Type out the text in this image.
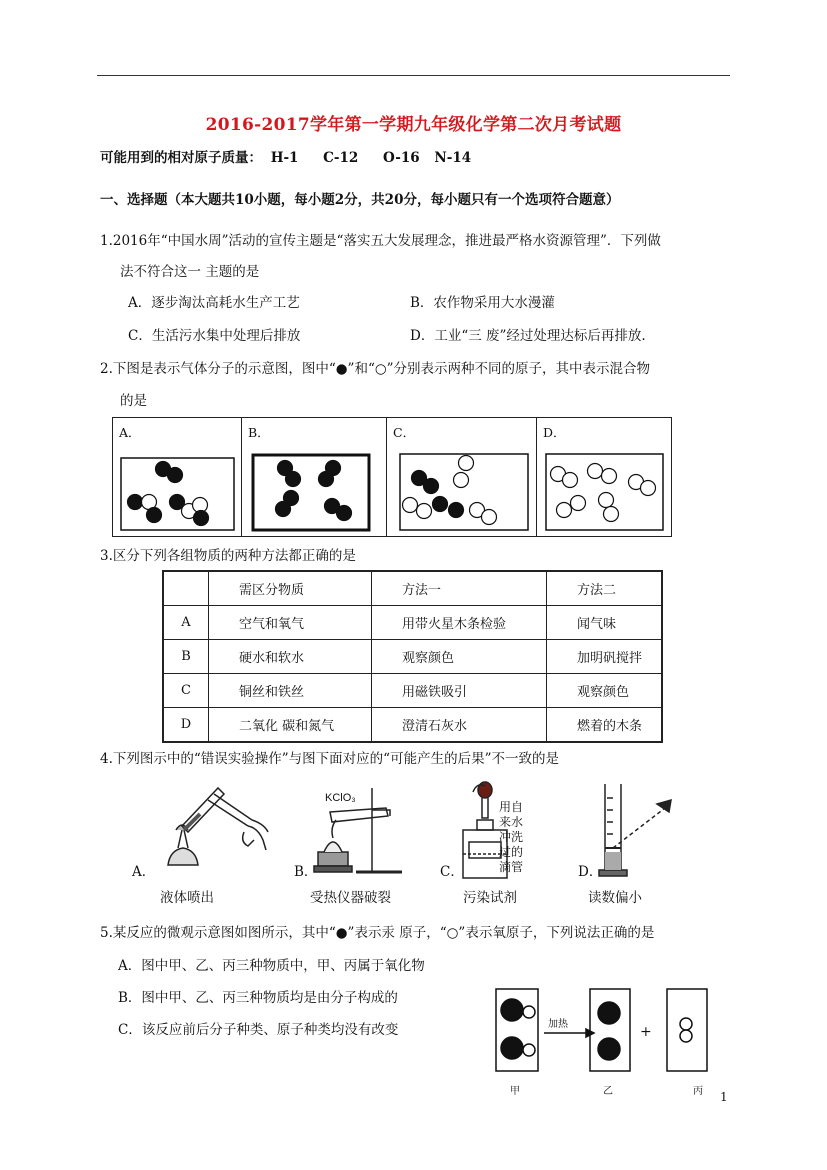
2016-2017学年第一学期九年级化学第二次月考试题
可能用到的相对原子质量： H-1 C-12 O-16 N-14
一、选择题（本大题共10小题，每小题2分，共20分，每小题只有一个选项符合题意）
1.2016年“中国水周”活动的宣传主题是“落实五大发展理念，推进最严格水资源管理”．下列做
法不符合这一 主题的是
A．逐步淘汰高耗水生产工艺	B．农作物采用大水漫灌
C．生活污水集中处理后排放	D．工业“三 废”经过处理达标后再排放.
2.下图是表示气体分子的示意图，图中“●”和“○”分别表示两种不同的原子，其中表示混合物
的是
A．	B．	C．	D．
3.区分下列各组物质的两种方法都正确的是
	需区分物质	方法一	方法二
A	空气和氧气	用带火星木条检验	闻气味
B	硬水和软水	观察颜色	加明矾搅拌
C	铜丝和铁丝	用磁铁吸引	观察颜色
D	二氧化 碳和氮气	澄清石灰水	燃着的木条
4.下列图示中的“错误实验操作”与图下面对应的“可能产生的后果”不一致的是
A．
液体喷出
KClO₃
B．
受热仪器破裂
用自
来水
冲洗
过的
滴管
C．
污染试剂
D．
读数偏小
5.某反应的微观示意图如图所示，其中“●”表示汞 原子，“○”表示氧原子，下列说法正确的是
A．图中甲、乙、丙三种物质中，甲、丙属于氧化物
B．图中甲、乙、丙三种物质均是由分子构成的
C．该反应前后分子种类、原子种类均没有改变	加热	+
甲	乙	丙 1
